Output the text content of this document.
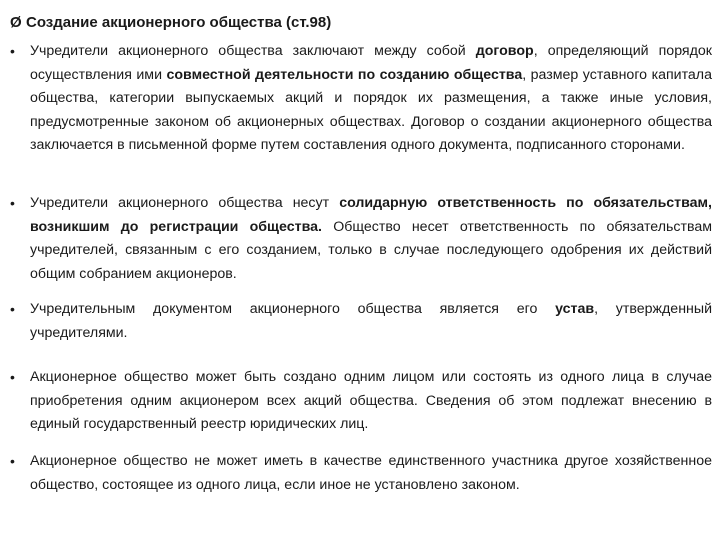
Ø Создание акционерного общества (ст.98)
•	Учредители акционерного общества заключают между собой договор, определяющий порядок осуществления ими совместной деятельности по созданию общества, размер уставного капитала общества, категории выпускаемых акций и порядок их размещения, а также иные условия, предусмотренные законом об акционерных обществах. Договор о создании акционерного общества заключается в письменной форме путем составления одного документа, подписанного сторонами.
•	Учредители акционерного общества несут солидарную ответственность по обязательствам, возникшим до регистрации общества. Общество несет ответственность по обязательствам учредителей, связанным с его созданием, только в случае последующего одобрения их действий общим собранием акционеров.
•	Учредительным документом акционерного общества является его устав, утвержденный учредителями.
•	Акционерное общество может быть создано одним лицом или состоять из одного лица в случае приобретения одним акционером всех акций общества. Сведения об этом подлежат внесению в единый государственный реестр юридических лиц.
•	Акционерное общество не может иметь в качестве единственного участника другое хозяйственное общество, состоящее из одного лица, если иное не установлено законом.
